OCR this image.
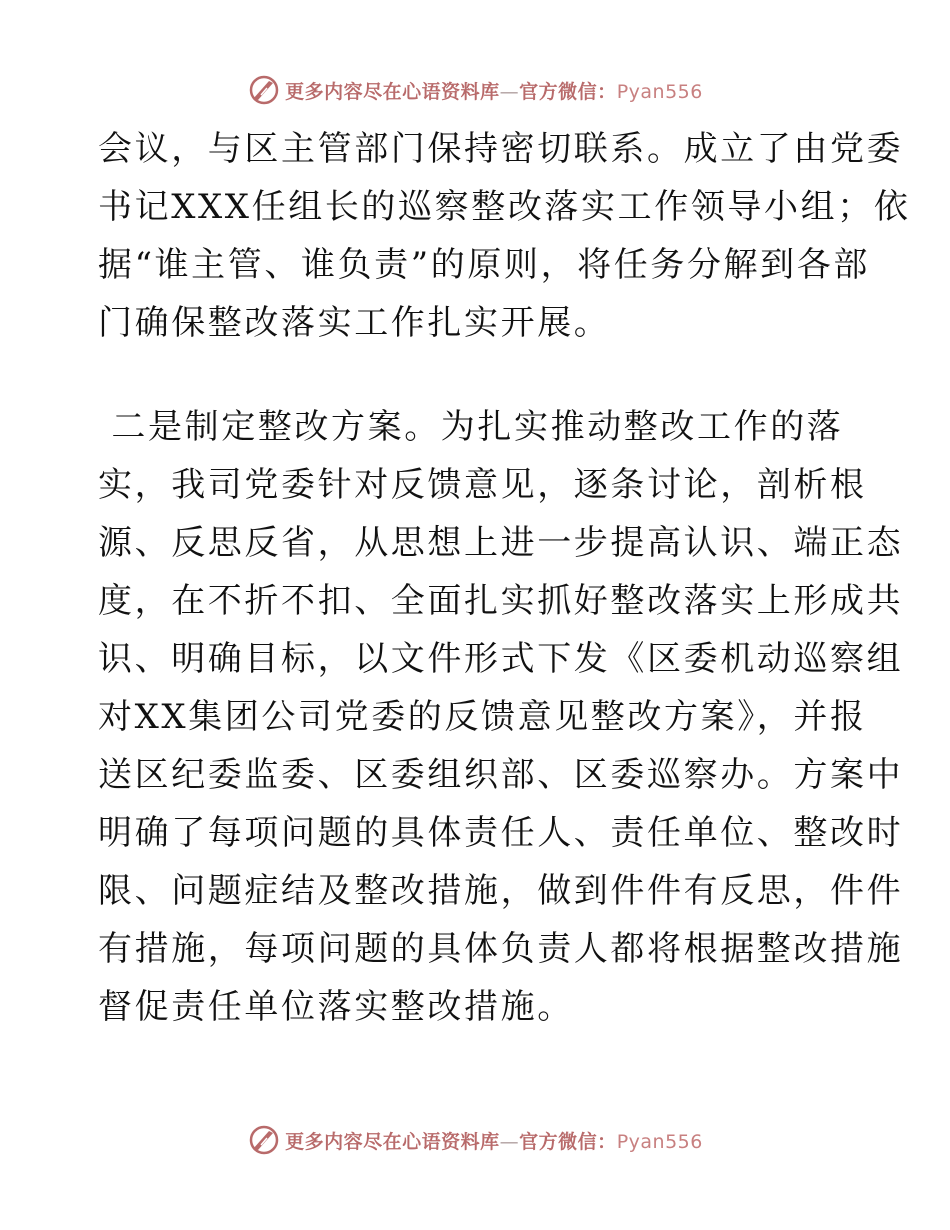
更多内容尽在心语资料库—官方微信：Pyan556
会议，与区主管部门保持密切联系。成立了由党委
书记XXX任组长的巡察整改落实工作领导小组；依
据“谁主管、谁负责”的原则，将任务分解到各部
门确保整改落实工作扎实开展。
二是制定整改方案。为扎实推动整改工作的落
实，我司党委针对反馈意见，逐条讨论，剖析根
源、反思反省，从思想上进一步提高认识、端正态
度，在不折不扣、全面扎实抓好整改落实上形成共
识、明确目标，以文件形式下发《区委机动巡察组
对XX集团公司党委的反馈意见整改方案》，并报
送区纪委监委、区委组织部、区委巡察办。方案中
明确了每项问题的具体责任人、责任单位、整改时
限、问题症结及整改措施，做到件件有反思，件件
有措施，每项问题的具体负责人都将根据整改措施
督促责任单位落实整改措施。
更多内容尽在心语资料库—官方微信：Pyan556
